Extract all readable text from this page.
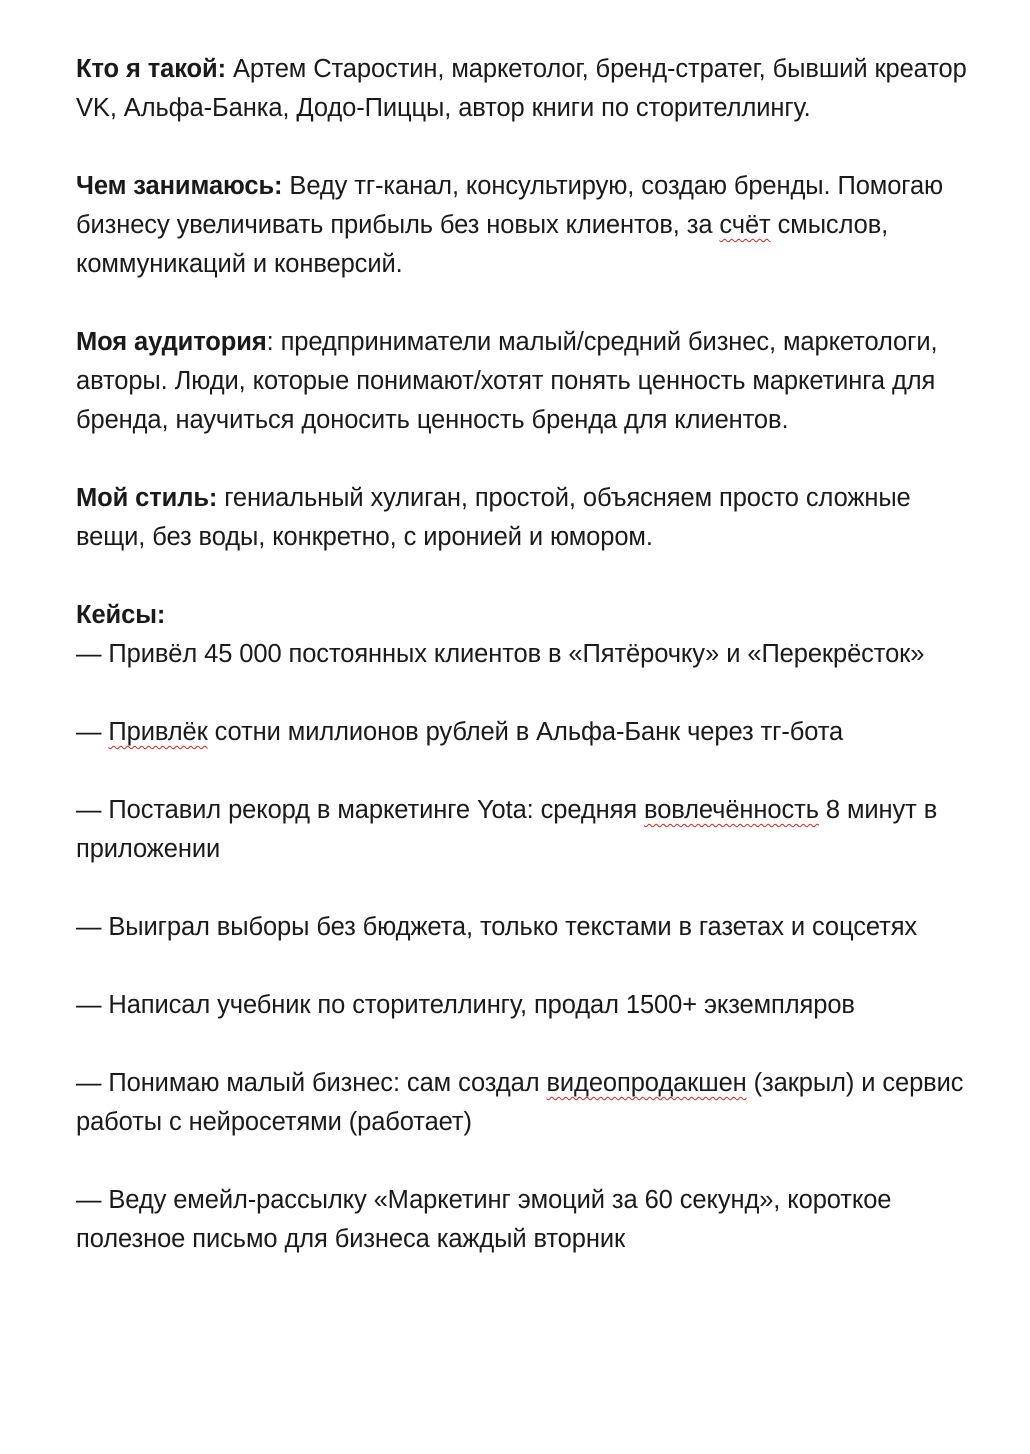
Кто я такой: Артем Старостин, маркетолог, бренд-стратег, бывший креатор VK, Альфа-Банка, Додо-Пиццы, автор книги по сторителлингу.

Чем занимаюсь: Веду тг-канал, консультирую, создаю бренды. Помогаю бизнесу увеличивать прибыль без новых клиентов, за счёт смыслов, коммуникаций и конверсий.

Моя аудитория: предприниматели малый/средний бизнес, маркетологи, авторы. Люди, которые понимают/хотят понять ценность маркетинга для бренда, научиться доносить ценность бренда для клиентов.

Мой стиль: гениальный хулиган, простой, объясняем просто сложные вещи, без воды, конкретно, с иронией и юмором.

Кейсы:

— Привёл 45 000 постоянных клиентов в «Пятёрочку» и «Перекрёсток»

— Привлёк сотни миллионов рублей в Альфа-Банк через тг-бота

— Поставил рекорд в маркетинге Yota: средняя вовлечённость 8 минут в приложении

— Выиграл выборы без бюджета, только текстами в газетах и соцсетях

— Написал учебник по сторителлингу, продал 1500+ экземпляров

— Понимаю малый бизнес: сам создал видеопродакшен (закрыл) и сервис работы с нейросетями (работает)

— Веду емейл-рассылку «Маркетинг эмоций за 60 секунд», короткое полезное письмо для бизнеса каждый вторник
